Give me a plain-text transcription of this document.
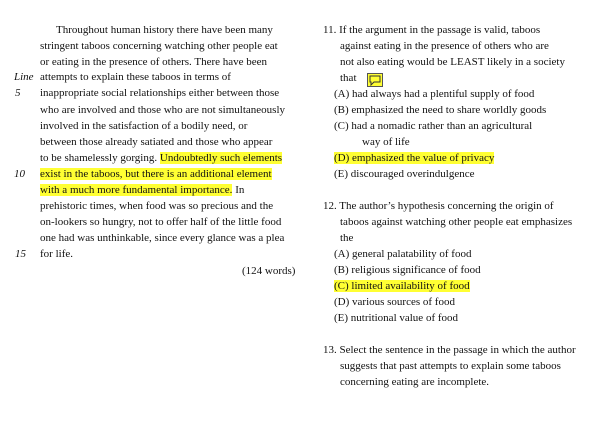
Line
5
10
15
Throughout human history there have been many
stringent taboos concerning watching other people eat
or eating in the presence of others. There have been
attempts to explain these taboos in terms of
inappropriate social relationships either between those
who are involved and those who are not simultaneously
involved in the satisfaction of a bodily need, or
between those already satiated and those who appear
to be shamelessly gorging. Undoubtedly such elements
exist in the taboos, but there is an additional element
with a much more fundamental importance. In
prehistoric times, when food was so precious and the
on-lookers so hungry, not to offer half of the little food
one had was unthinkable, since every glance was a plea
for life.
(124 words)
11. If the argument in the passage is valid, taboos
against eating in the presence of others who are
not also eating would be LEAST likely in a society
that
(A) had always had a plentiful supply of food
(B) emphasized the need to share worldly goods
(C) had a nomadic rather than an agricultural
way of life
(D) emphasized the value of privacy
(E) discouraged overindulgence
12. The author’s hypothesis concerning the origin of
taboos against watching other people eat emphasizes
the
(A) general palatability of food
(B) religious significance of food
(C) limited availability of food
(D) various sources of food
(E) nutritional value of food
13. Select the sentence in the passage in which the author
suggests that past attempts to explain some taboos
concerning eating are incomplete.
